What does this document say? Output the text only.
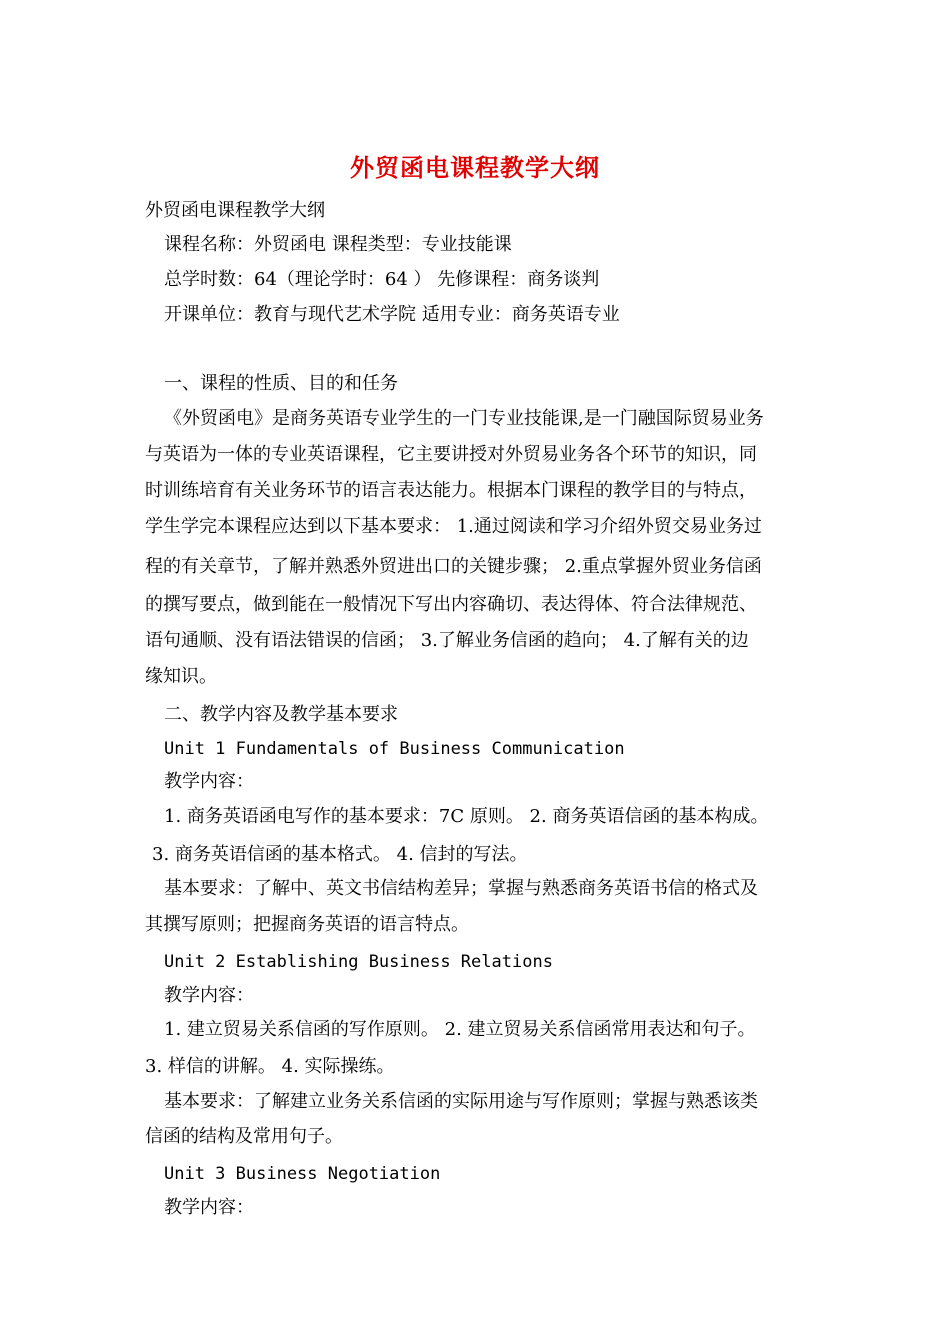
外贸函电课程教学大纲
外贸函电课程教学大纲
课程名称：外贸函电 课程类型：专业技能课
总学时数：64（理论学时：64 ） 先修课程：商务谈判
开课单位：教育与现代艺术学院 适用专业：商务英语专业
一、课程的性质、目的和任务
《外贸函电》是商务英语专业学生的一门专业技能课,是一门融国际贸易业务
与英语为一体的专业英语课程，它主要讲授对外贸易业务各个环节的知识，同
时训练培育有关业务环节的语言表达能力。根据本门课程的教学目的与特点，
学生学完本课程应达到以下基本要求： 1.通过阅读和学习介绍外贸交易业务过
程的有关章节，了解并熟悉外贸进出口的关键步骤； 2.重点掌握外贸业务信函
的撰写要点，做到能在一般情况下写出内容确切、表达得体、符合法律规范、
语句通顺、没有语法错误的信函； 3.了解业务信函的趋向； 4.了解有关的边
缘知识。
二、教学内容及教学基本要求
Unit 1 Fundamentals of Business Communication
教学内容：
1. 商务英语函电写作的基本要求：7C 原则。 2. 商务英语信函的基本构成。
3. 商务英语信函的基本格式。 4. 信封的写法。
基本要求：了解中、英文书信结构差异；掌握与熟悉商务英语书信的格式及
其撰写原则；把握商务英语的语言特点。
Unit 2 Establishing Business Relations
教学内容：
1. 建立贸易关系信函的写作原则。 2. 建立贸易关系信函常用表达和句子。
3. 样信的讲解。 4. 实际操练。
基本要求：了解建立业务关系信函的实际用途与写作原则；掌握与熟悉该类
信函的结构及常用句子。
Unit 3 Business Negotiation
教学内容：
